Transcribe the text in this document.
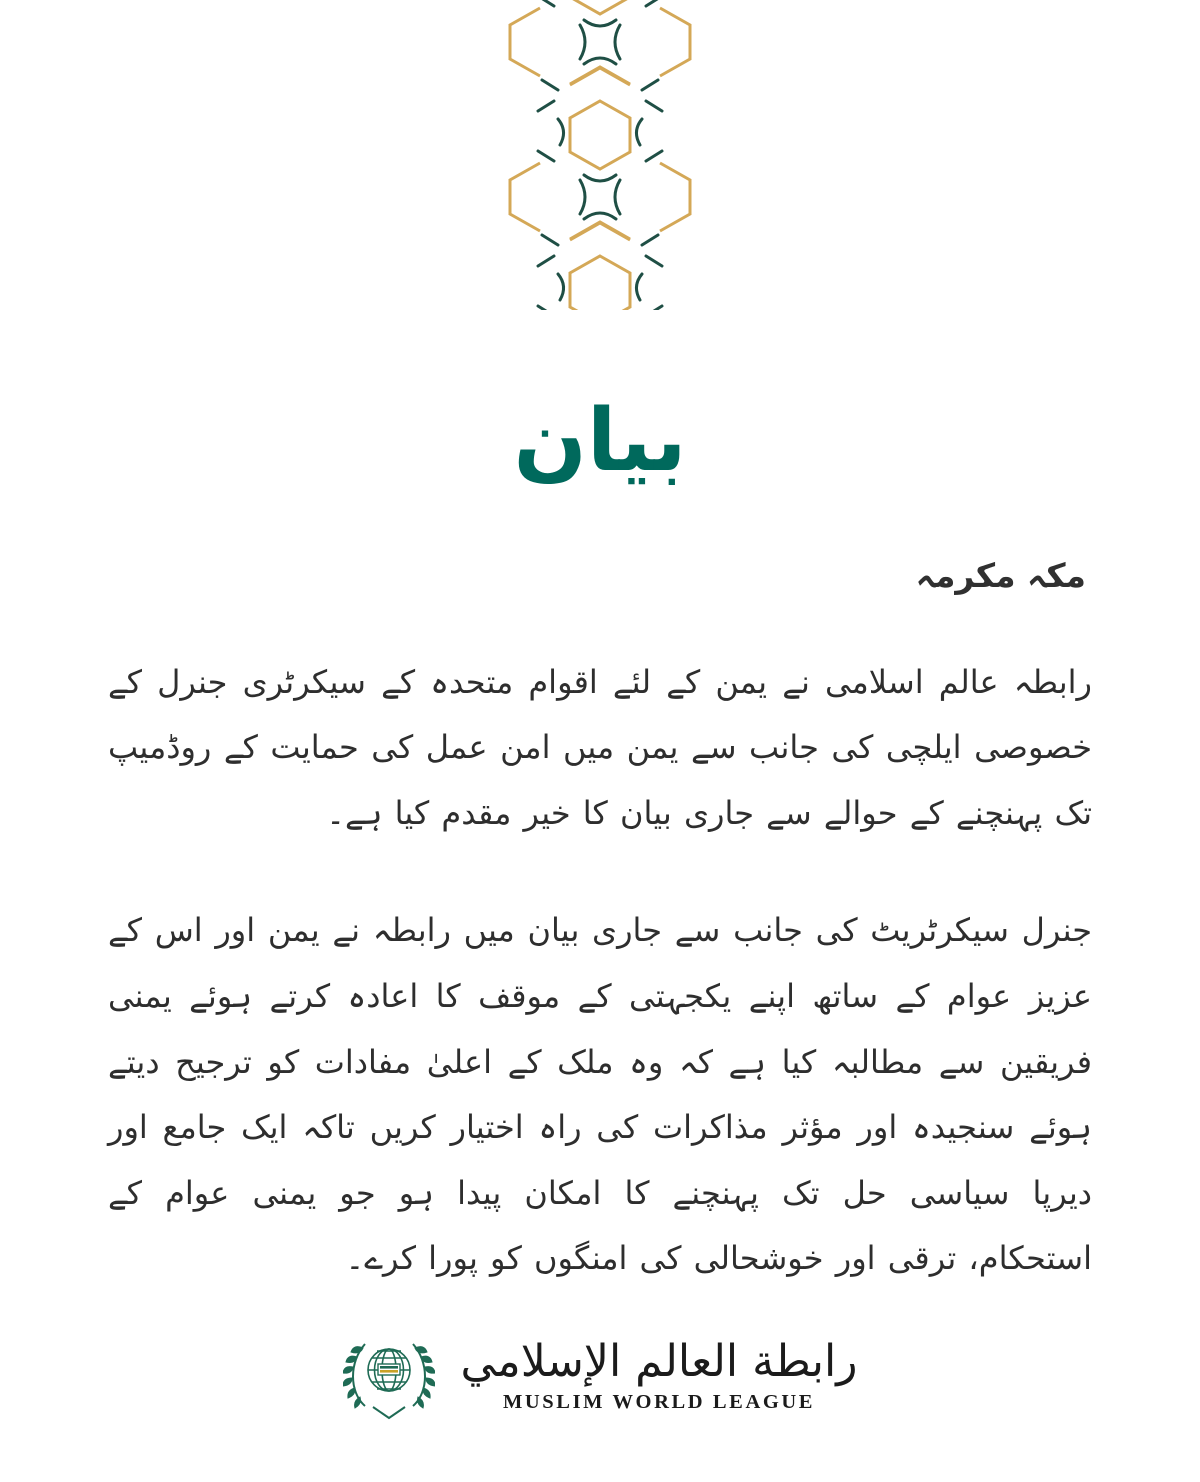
بیان
مکہ مکرمہ

رابطہ عالم اسلامی نے یمن کے لئے اقوام متحدہ کے سیکرٹری جنرل کے خصوصی ایلچی کی جانب سے یمن میں امن عمل کی حمایت کے روڈمیپ تک پہنچنے کے حوالے سے جاری بیان کا خیر مقدم کیا ہے۔

جنرل سیکرٹریٹ کی جانب سے جاری بیان میں رابطہ نے یمن اور اس کے عزیز عوام کے ساتھ اپنے یکجہتی کے موقف کا اعادہ کرتے ہوئے یمنی فریقین سے مطالبہ کیا ہے کہ وہ ملک کے اعلیٰ مفادات کو ترجیح دیتے ہوئے سنجیدہ اور مؤثر مذاکرات کی راہ اختیار کریں تاکہ ایک جامع اور دیرپا سیاسی حل تک پہنچنے کا امکان پیدا ہو جو یمنی عوام کے استحکام، ترقی اور خوشحالی کی امنگوں کو پورا کرے۔

رابطة العالم الإسلامي
MUSLIM WORLD LEAGUE
